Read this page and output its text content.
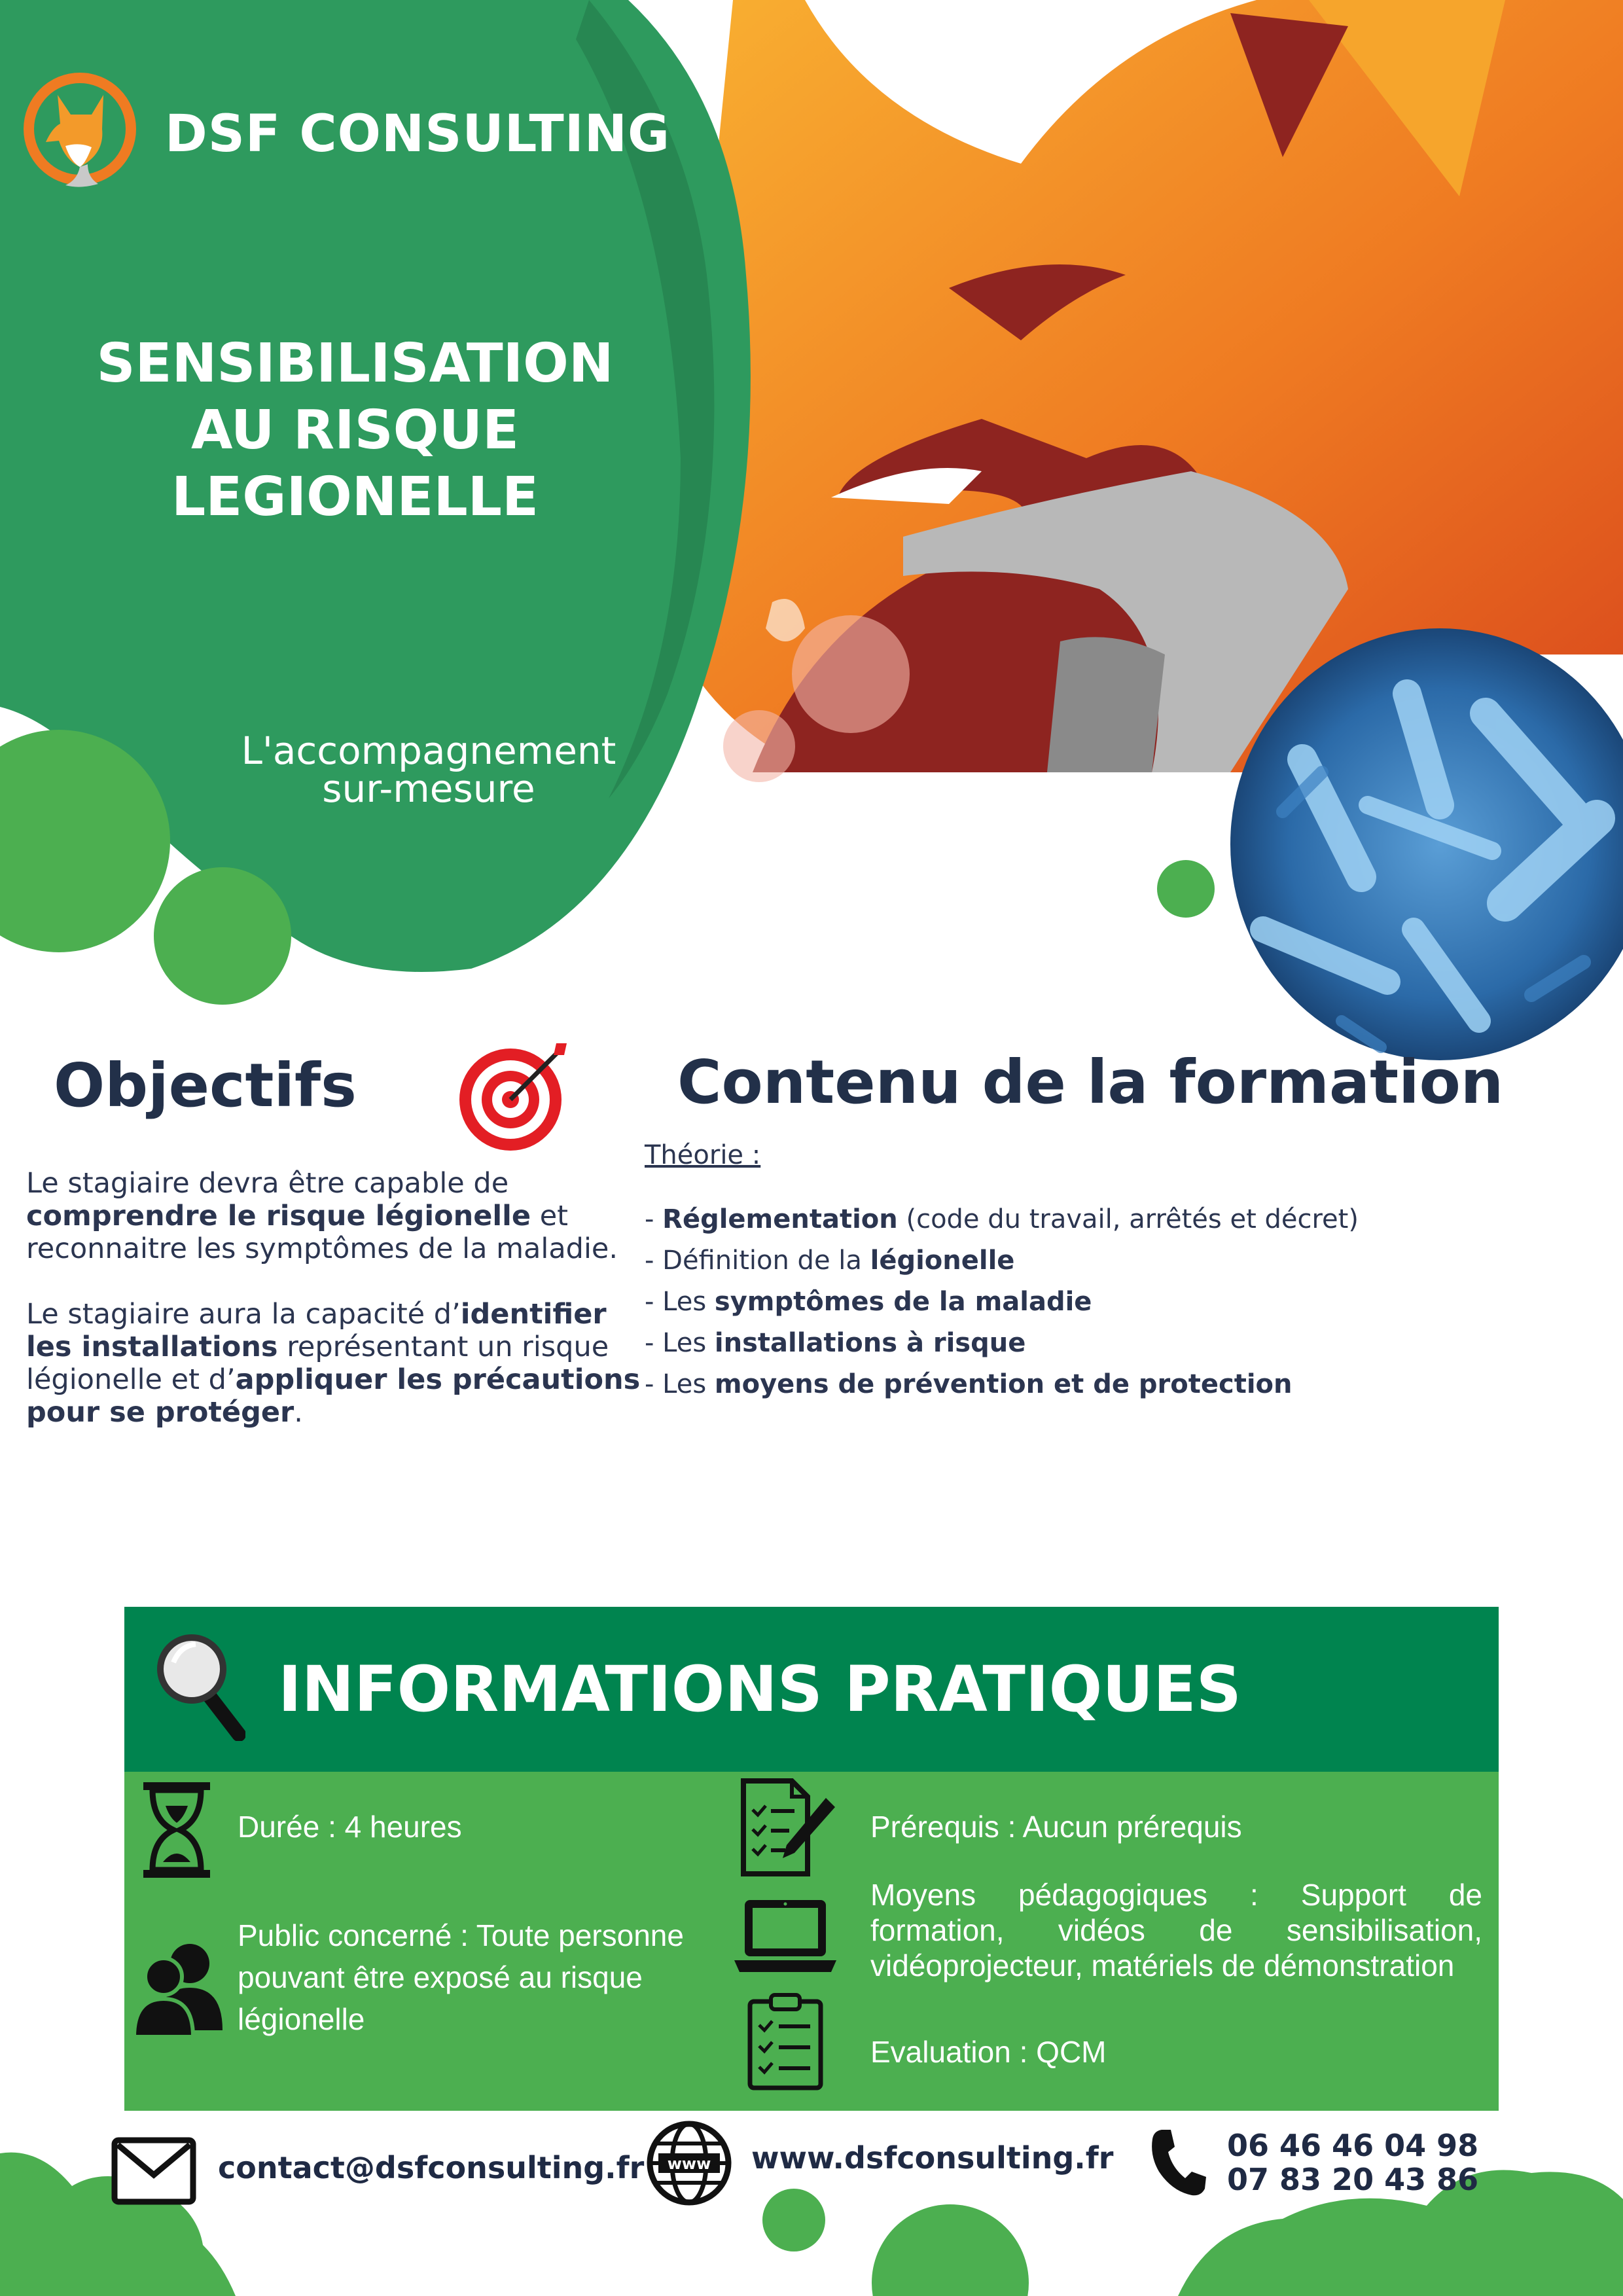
DSF CONSULTING
SENSIBILISATION
AU RISQUE
LEGIONELLE
L'accompagnement
sur-mesure
Objectifs

Le stagiaire devra être capable de comprendre le risque légionelle et reconnaitre les symptômes de la maladie.

Le stagiaire aura la capacité d’identifier les installations représentant un risque légionelle et d’appliquer les précautions pour se protéger.

Contenu de la formation
Théorie :
- Réglementation (code du travail, arrêtés et décret)
- Définition de la légionelle
- Les symptômes de la maladie
- Les installations à risque
- Les moyens de prévention et de protection
INFORMATIONS PRATIQUES
Durée : 4 heures
Public concerné : Toute personne pouvant être exposé au risque légionelle
Prérequis : Aucun prérequis
Moyens pédagogiques : Support de formation, vidéos de sensibilisation, vidéoprojecteur, matériels de démonstration
Evaluation : QCM
contact@dsfconsulting.fr www www.dsfconsulting.fr	06 46 46 04 98
07 83 20 43 86
